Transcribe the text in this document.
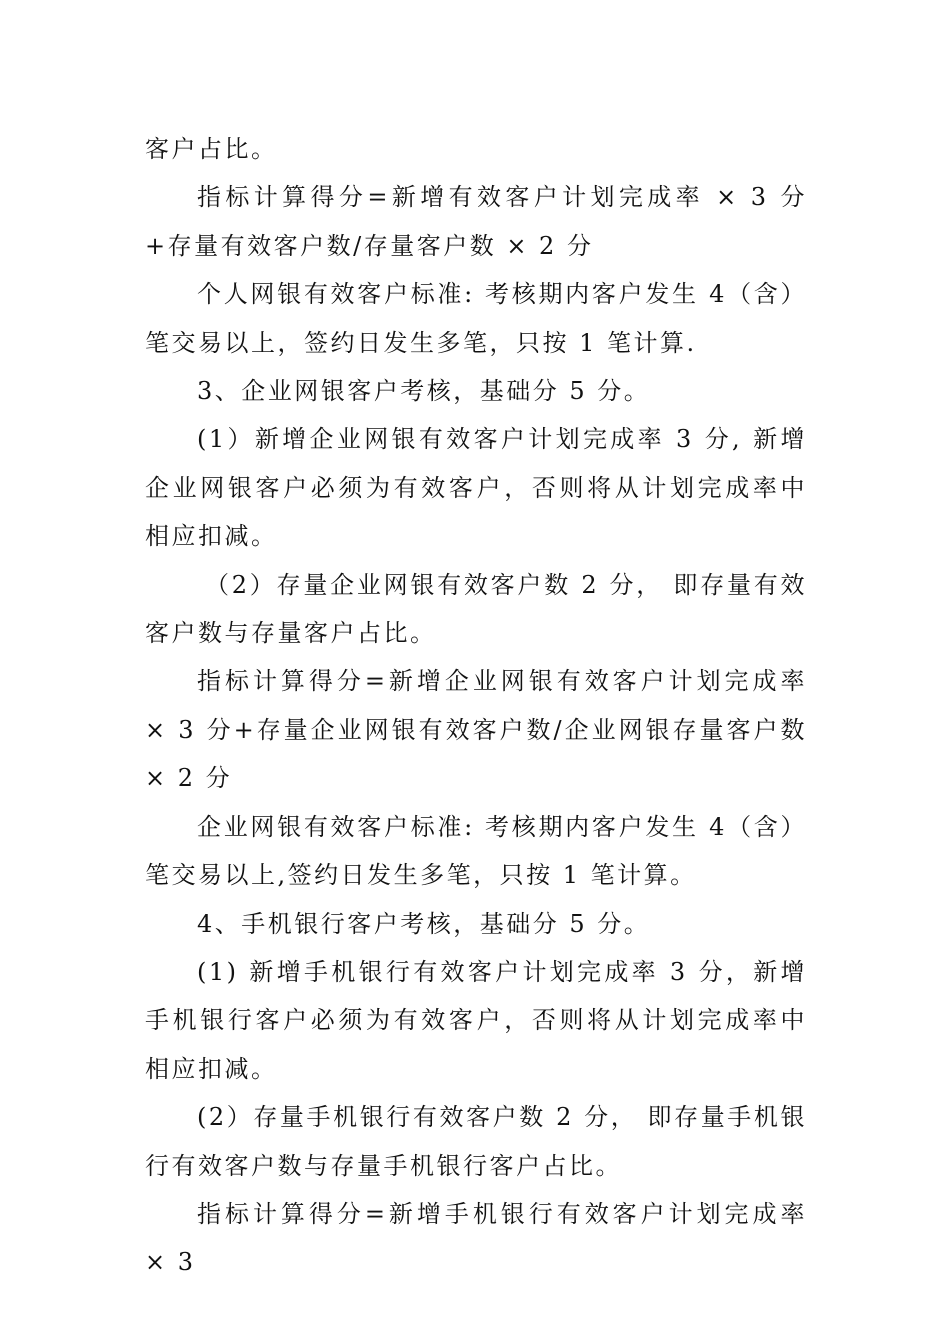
客户占比。

指标计算得分=新增有效客户计划完成率 × 3 分+存量有效客户数/存量客户数 × 2 分

个人网银有效客户标准: 考核期内客户发生 4（含）笔交易以上，签约日发生多笔，只按 1 笔计算.

3、企业网银客户考核，基础分 5 分。

(1）新增企业网银有效客户计划完成率 3 分, 新增企业网银客户必须为有效客户，否则将从计划完成率中相应扣减。

（2）存量企业网银有效客户数 2 分， 即存量有效客户数与存量客户占比。

指标计算得分=新增企业网银有效客户计划完成率 × 3 分+存量企业网银有效客户数/企业网银存量客户数 × 2 分

企业网银有效客户标准: 考核期内客户发生 4（含）笔交易以上,签约日发生多笔，只按 1 笔计算。

4、手机银行客户考核，基础分 5 分。

(1) 新增手机银行有效客户计划完成率 3 分，新增手机银行客户必须为有效客户，否则将从计划完成率中相应扣减。

(2）存量手机银行有效客户数 2 分， 即存量手机银行有效客户数与存量手机银行客户占比。

指标计算得分=新增手机银行有效客户计划完成率 × 3
